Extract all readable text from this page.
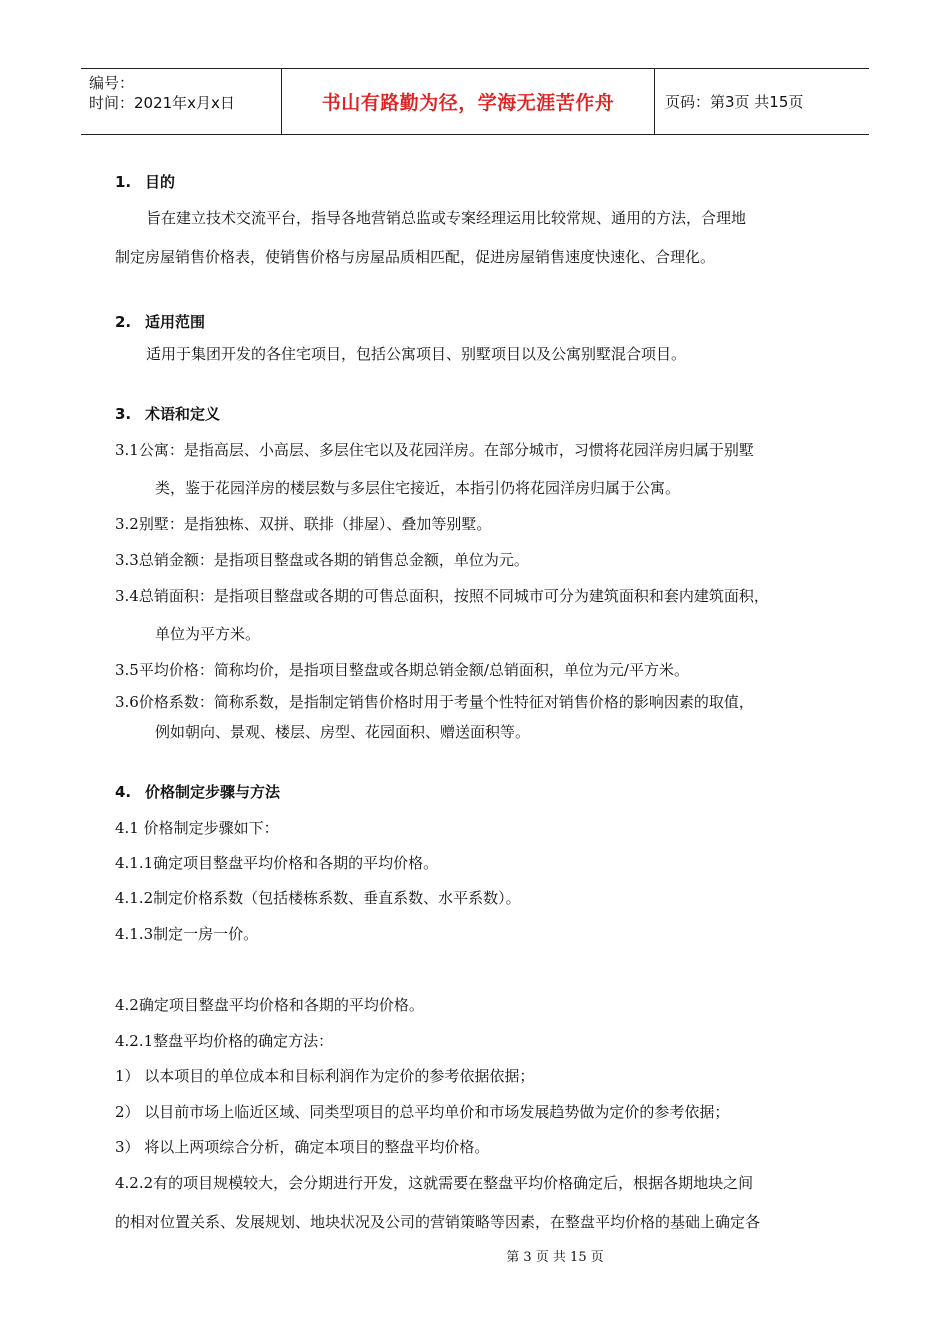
编号：
时间：2021年x月x日	书山有路勤为径，学海无涯苦作舟	页码：第3页 共15页
1. 目的
旨在建立技术交流平台，指导各地营销总监或专案经理运用比较常规、通用的方法，合理地
制定房屋销售价格表，使销售价格与房屋品质相匹配，促进房屋销售速度快速化、合理化。
2. 适用范围
适用于集团开发的各住宅项目，包括公寓项目、别墅项目以及公寓别墅混合项目。
3. 术语和定义
3.1公寓：是指高层、小高层、多层住宅以及花园洋房。在部分城市，习惯将花园洋房归属于别墅
类，鉴于花园洋房的楼层数与多层住宅接近，本指引仍将花园洋房归属于公寓。
3.2别墅：是指独栋、双拼、联排（排屋）、叠加等别墅。
3.3总销金额：是指项目整盘或各期的销售总金额，单位为元。
3.4总销面积：是指项目整盘或各期的可售总面积，按照不同城市可分为建筑面积和套内建筑面积，
单位为平方米。
3.5平均价格：简称均价，是指项目整盘或各期总销金额/总销面积，单位为元/平方米。
3.6价格系数：简称系数，是指制定销售价格时用于考量个性特征对销售价格的影响因素的取值，
例如朝向、景观、楼层、房型、花园面积、赠送面积等。
4. 价格制定步骤与方法
4.1 价格制定步骤如下：
4.1.1确定项目整盘平均价格和各期的平均价格。
4.1.2制定价格系数（包括楼栋系数、垂直系数、水平系数）。
4.1.3制定一房一价。
4.2确定项目整盘平均价格和各期的平均价格。
4.2.1整盘平均价格的确定方法：
1） 以本项目的单位成本和目标利润作为定价的参考依据依据；
2） 以目前市场上临近区域、同类型项目的总平均单价和市场发展趋势做为定价的参考依据；
3） 将以上两项综合分析，确定本项目的整盘平均价格。
4.2.2有的项目规模较大，会分期进行开发，这就需要在整盘平均价格确定后，根据各期地块之间
的相对位置关系、发展规划、地块状况及公司的营销策略等因素，在整盘平均价格的基础上确定各
第 3 页 共 15 页
